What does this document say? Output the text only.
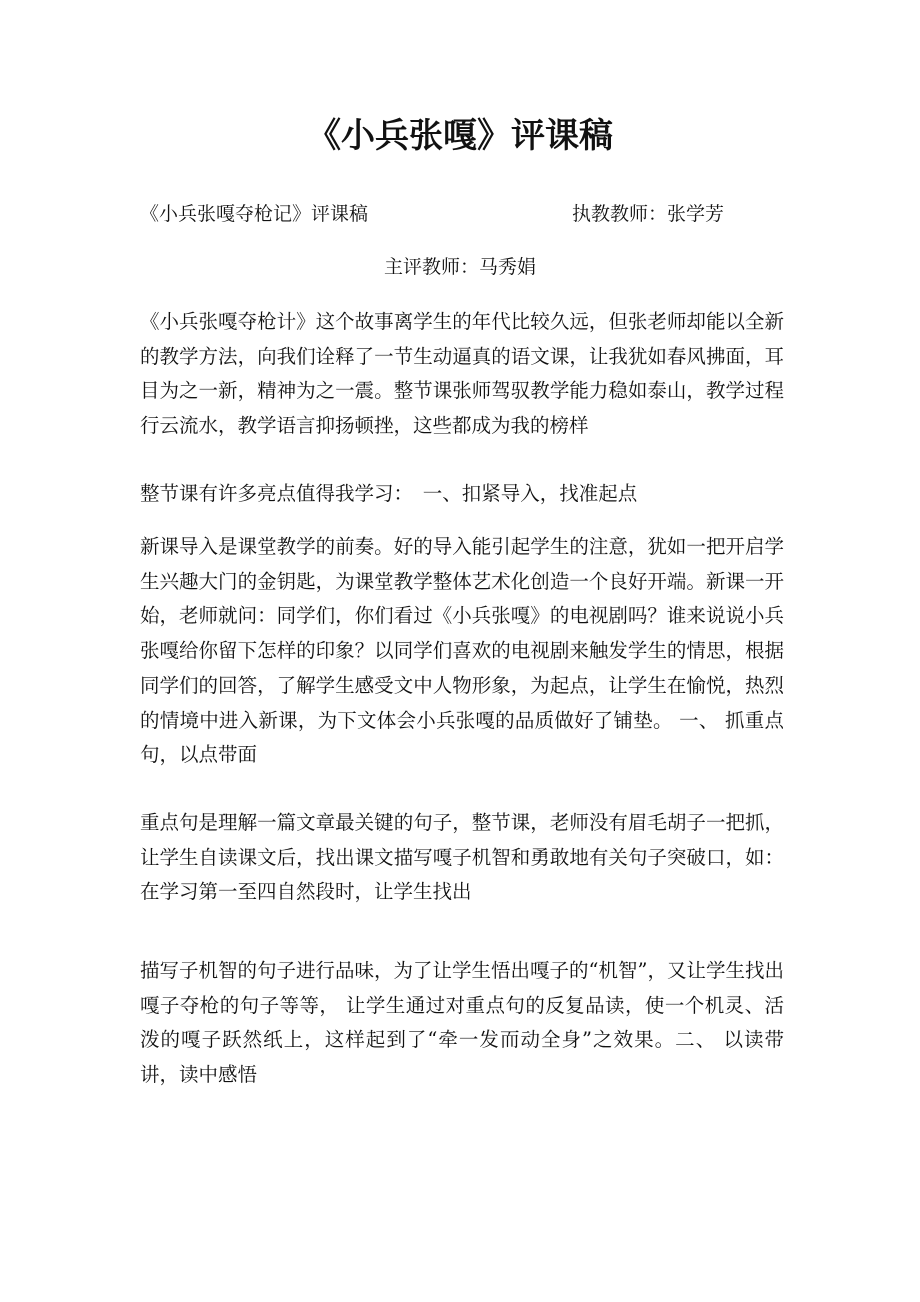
《小兵张嘎》评课稿
《小兵张嘎夺枪记》评课稿	执教教师：张学芳
主评教师：马秀娟

《小兵张嘎夺枪计》这个故事离学生的年代比较久远，但张老师却能以全新的教学方法，向我们诠释了一节生动逼真的语文课，让我犹如春风拂面，耳目为之一新，精神为之一震。整节课张师驾驭教学能力稳如泰山，教学过程行云流水，教学语言抑扬顿挫，这些都成为我的榜样

整节课有许多亮点值得我学习：　一、扣紧导入，找准起点

新课导入是课堂教学的前奏。好的导入能引起学生的注意，犹如一把开启学生兴趣大门的金钥匙，为课堂教学整体艺术化创造一个良好开端。新课一开始，老师就问：同学们，你们看过《小兵张嘎》的电视剧吗？谁来说说小兵张嘎给你留下怎样的印象？以同学们喜欢的电视剧来触发学生的情思，根据同学们的回答，了解学生感受文中人物形象，为起点，让学生在愉悦，热烈的情境中进入新课，为下文体会小兵张嘎的品质做好了铺垫。 一、 抓重点句，以点带面

重点句是理解一篇文章最关键的句子，整节课，老师没有眉毛胡子一把抓，让学生自读课文后，找出课文描写嘎子机智和勇敢地有关句子突破口，如：在学习第一至四自然段时，让学生找出

描写子机智的句子进行品味，为了让学生悟出嘎子的“机智”，又让学生找出嘎子夺枪的句子等等， 让学生通过对重点句的反复品读，使一个机灵、活泼的嘎子跃然纸上，这样起到了“牵一发而动全身”之效果。二、 以读带讲，读中感悟
